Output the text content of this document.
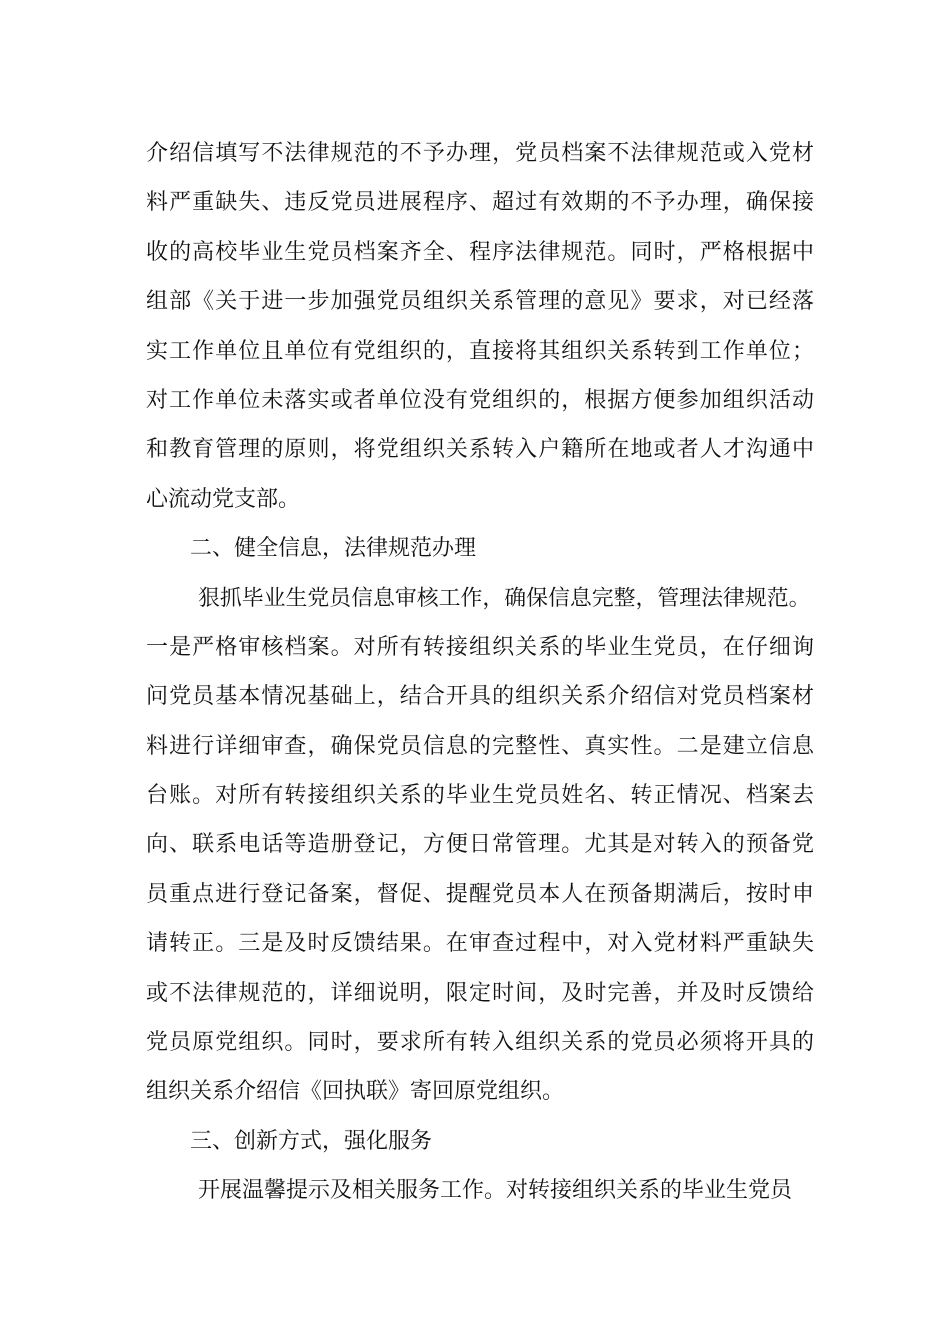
介绍信填写不法律规范的不予办理，党员档案不法律规范或入党材
料严重缺失、违反党员进展程序、超过有效期的不予办理，确保接
收的高校毕业生党员档案齐全、程序法律规范。同时，严格根据中
组部《关于进一步加强党员组织关系管理的意见》要求，对已经落
实工作单位且单位有党组织的，直接将其组织关系转到工作单位；
对工作单位未落实或者单位没有党组织的，根据方便参加组织活动
和教育管理的原则，将党组织关系转入户籍所在地或者人才沟通中
心流动党支部。
二、健全信息，法律规范办理
狠抓毕业生党员信息审核工作，确保信息完整，管理法律规范。
一是严格审核档案。对所有转接组织关系的毕业生党员，在仔细询
问党员基本情况基础上，结合开具的组织关系介绍信对党员档案材
料进行详细审查，确保党员信息的完整性、真实性。二是建立信息
台账。对所有转接组织关系的毕业生党员姓名、转正情况、档案去
向、联系电话等造册登记，方便日常管理。尤其是对转入的预备党
员重点进行登记备案，督促、提醒党员本人在预备期满后，按时申
请转正。三是及时反馈结果。在审查过程中，对入党材料严重缺失
或不法律规范的，详细说明，限定时间，及时完善，并及时反馈给
党员原党组织。同时，要求所有转入组织关系的党员必须将开具的
组织关系介绍信《回执联》寄回原党组织。
三、创新方式，强化服务
开展温馨提示及相关服务工作。对转接组织关系的毕业生党员
